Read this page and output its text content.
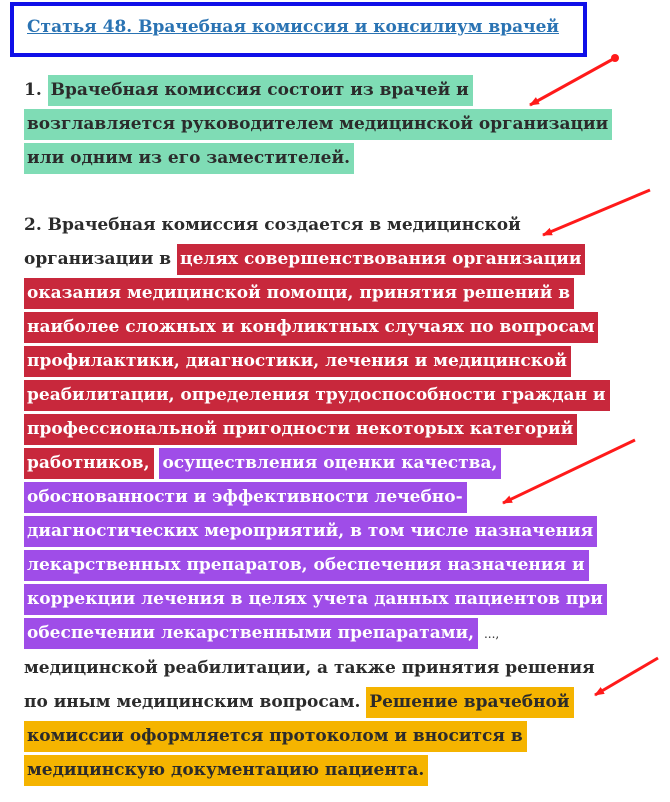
Статья 48. Врачебная комиссия и консилиум врачей

1. Врачебная комиссия состоит из врачей и возглавляется руководителем медицинской организации или одним из его заместителей.

2. Врачебная комиссия создается в медицинской организации в целях совершенствования организации оказания медицинской помощи, принятия решений в наиболее сложных и конфликтных случаях по вопросам профилактики, диагностики, лечения и медицинской реабилитации, определения трудоспособности граждан и профессиональной пригодности некоторых категорий работников, осуществления оценки качества, обоснованности и эффективности лечебно-диагностических мероприятий, в том числе назначения лекарственных препаратов, обеспечения назначения и коррекции лечения в целях учета данных пациентов при обеспечении лекарственными препаратами, ..., медицинской реабилитации, а также принятия решения по иным медицинским вопросам. Решение врачебной комиссии оформляется протоколом и вносится в медицинскую документацию пациента.
